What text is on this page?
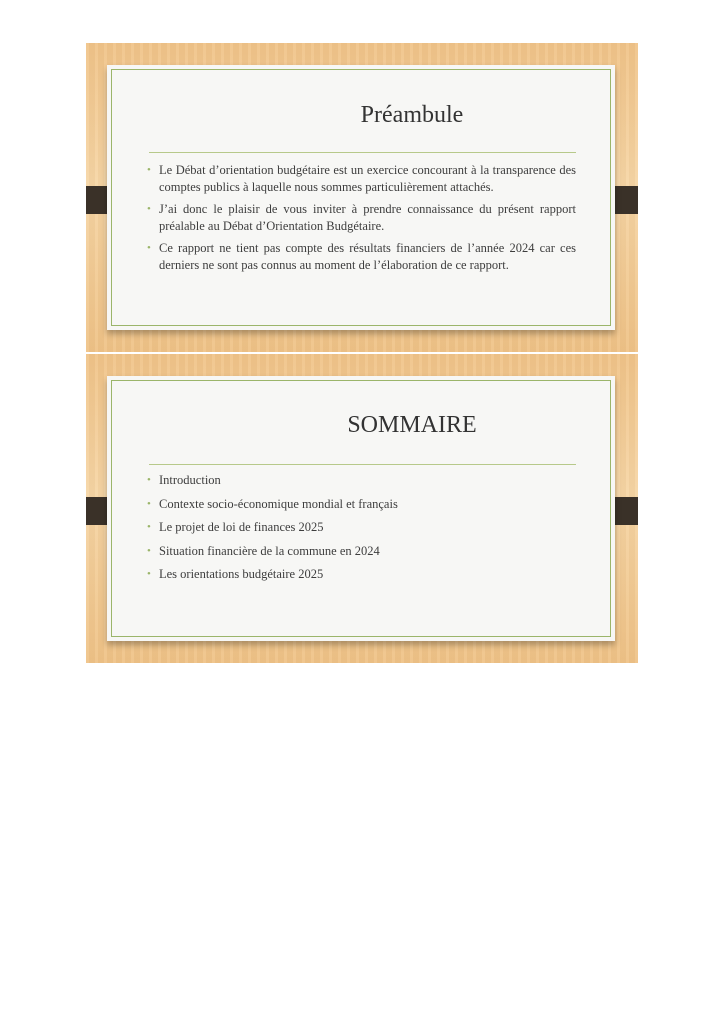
Préambule
• Le Débat d’orientation budgétaire est un exercice concourant à la transparence des comptes publics à laquelle nous sommes particulièrement attachés.
• J’ai donc le plaisir de vous inviter à prendre connaissance du présent rapport préalable au Débat d’Orientation Budgétaire.
• Ce rapport ne tient pas compte des résultats financiers de l’année 2024 car ces derniers ne sont pas connus au moment de l’élaboration de ce rapport.
SOMMAIRE
• Introduction
• Contexte socio-économique mondial et français
• Le projet de loi de finances 2025
• Situation financière de la commune en 2024
• Les orientations budgétaire 2025
